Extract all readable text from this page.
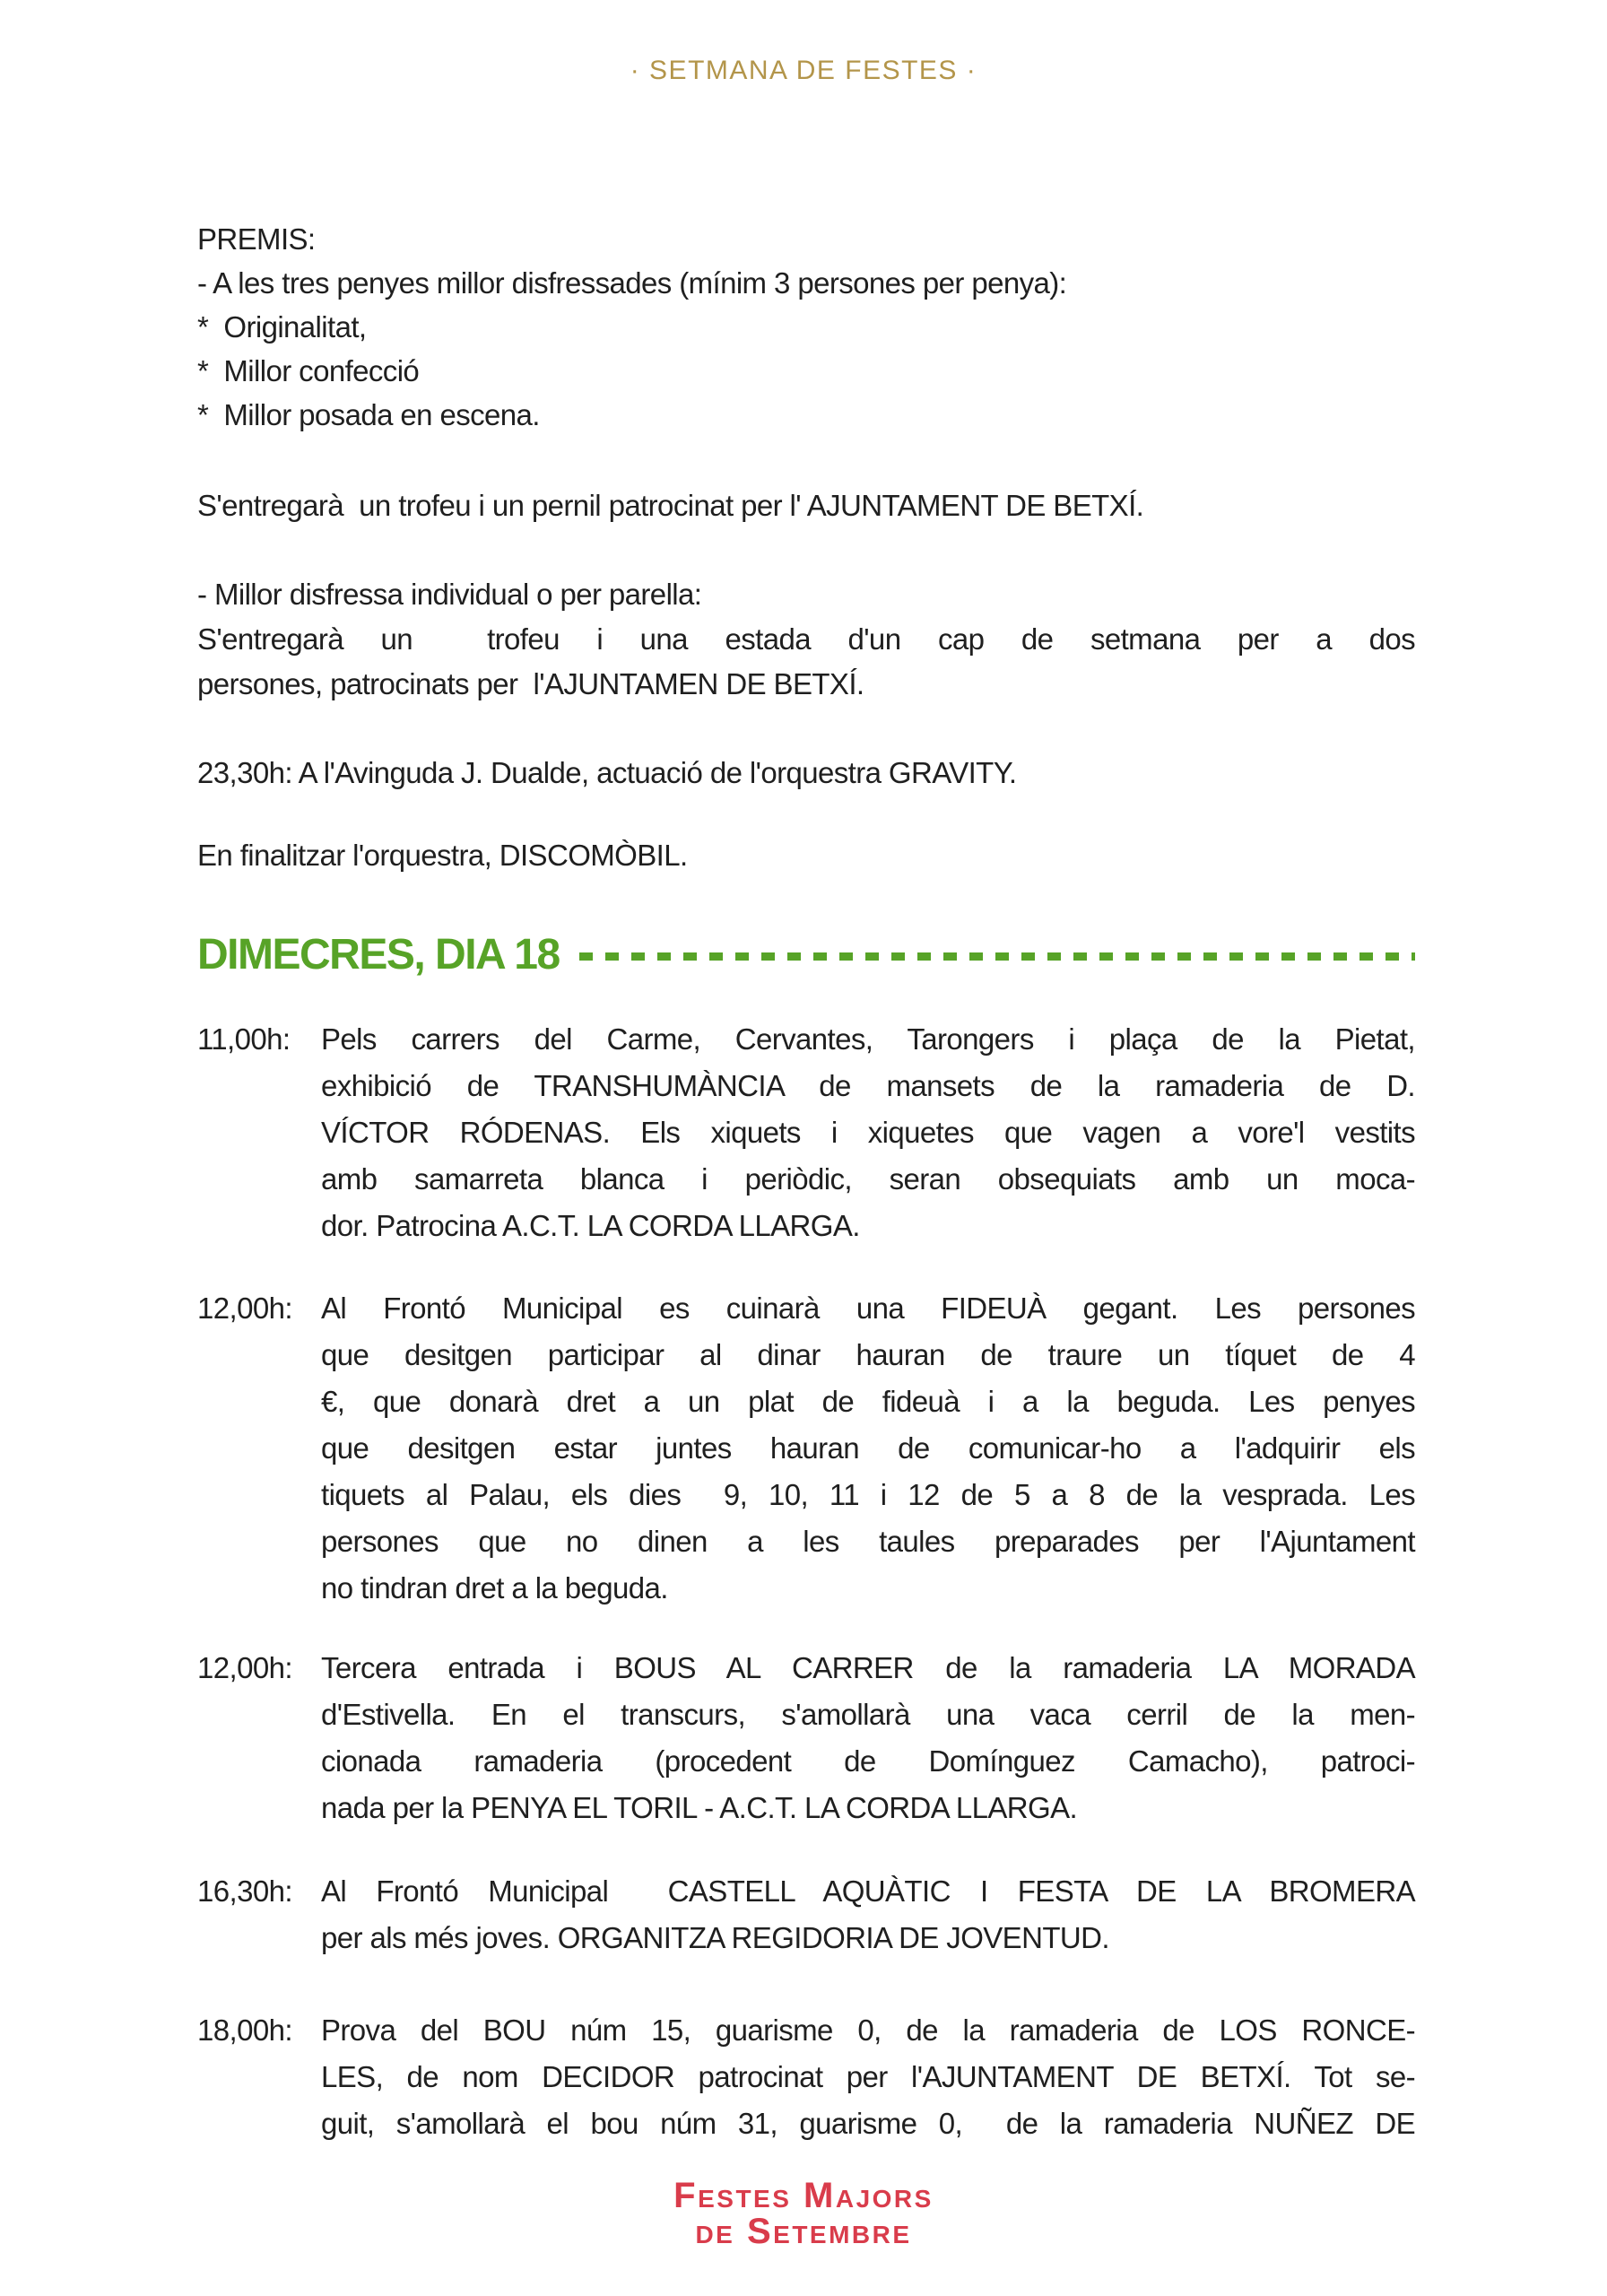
· SETMANA DE FESTES ·
PREMIS:
- A les tres penyes millor disfressades (mínim 3 persones per penya):
*  Originalitat,
*  Millor confecció
*  Millor posada en escena.
S'entregarà  un trofeu i un pernil patrocinat per l' AJUNTAMENT DE BETXÍ.
- Millor disfressa individual o per parella:
S'entregarà un  trofeu i una estada d'un cap de setmana per a dos
persones, patrocinats per  l'AJUNTAMEN DE BETXÍ.
23,30h: A l'Avinguda J. Dualde, actuació de l'orquestra GRAVITY.
En finalitzar l'orquestra, DISCOMÒBIL.
DIMECRES, DIA 18
11,00h: Pels carrers del Carme, Cervantes, Tarongers i plaça de la Pietat,
exhibició de TRANSHUMÀNCIA de mansets de la ramaderia de D.
VÍCTOR RÓDENAS. Els xiquets i xiquetes que vagen a vore'l vestits
amb samarreta blanca i periòdic, seran obsequiats amb un moca-
dor. Patrocina A.C.T. LA CORDA LLARGA.
12,00h: Al Frontó Municipal es cuinarà una FIDEUÀ gegant. Les persones
que desitgen participar al dinar hauran de traure un tíquet de 4
€, que donarà dret a un plat de fideuà i a la beguda. Les penyes
que desitgen estar juntes hauran de comunicar-ho a l'adquirir els
tiquets al Palau, els dies  9, 10, 11 i 12 de 5 a 8 de la vesprada. Les
persones que no dinen a les taules preparades per l'Ajuntament
no tindran dret a la beguda.
12,00h: Tercera entrada i BOUS AL CARRER de la ramaderia LA MORADA
d'Estivella. En el transcurs, s'amollarà una vaca cerril de la men-
cionada ramaderia (procedent de Domínguez Camacho), patroci-
nada per la PENYA EL TORIL - A.C.T. LA CORDA LLARGA.
16,30h: Al Frontó Municipal  CASTELL AQUÀTIC I FESTA DE LA BROMERA
per als més joves. ORGANITZA REGIDORIA DE JOVENTUD.
18,00h: Prova del BOU núm 15, guarisme 0, de la ramaderia de LOS RONCE-
LES, de nom DECIDOR patrocinat per l'AJUNTAMENT DE BETXÍ. Tot se-
guit, s'amollarà el bou núm 31, guarisme 0,  de la ramaderia NUÑEZ DE
Festes Majors
de Setembre
